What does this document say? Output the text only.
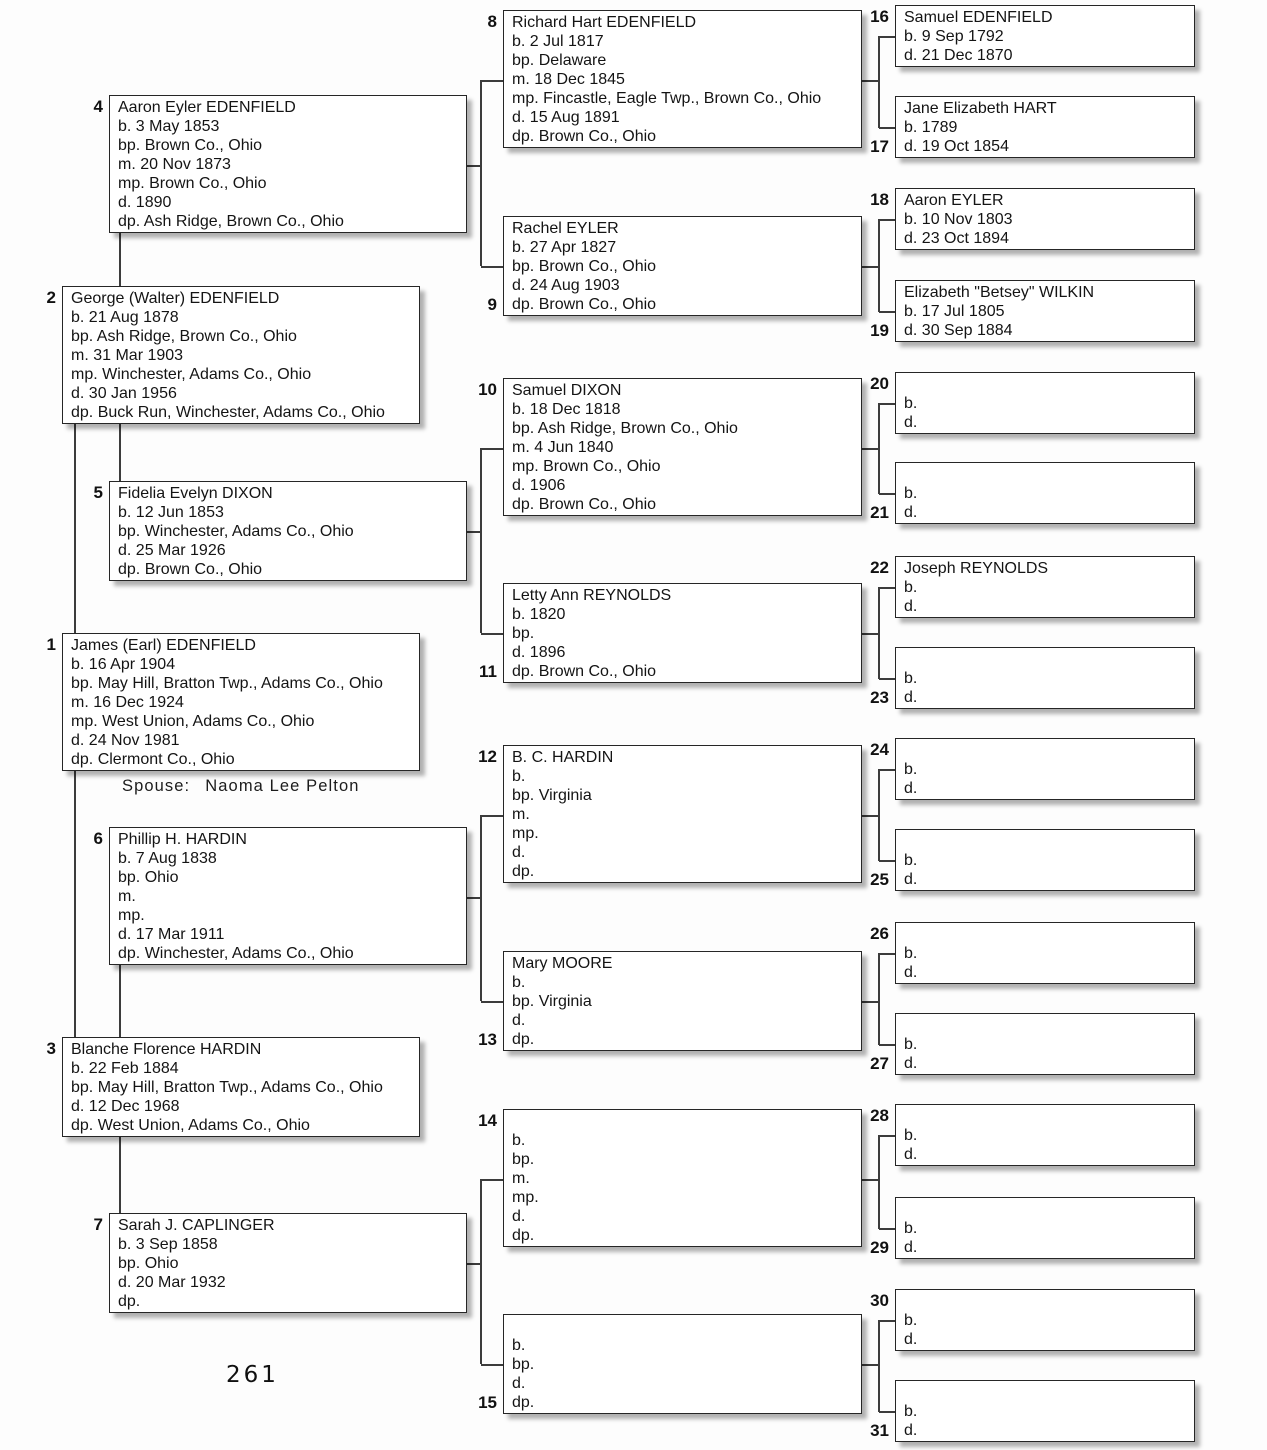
Spouse: Naoma Lee Pelton
261
James (Earl) EDENFIELD
b. 16 Apr 1904
bp. May Hill, Bratton Twp., Adams Co., Ohio
m. 16 Dec 1924
mp. West Union, Adams Co., Ohio
d. 24 Nov 1981
dp. Clermont Co., Ohio
1
George (Walter) EDENFIELD
b. 21 Aug 1878
bp. Ash Ridge, Brown Co., Ohio
m. 31 Mar 1903
mp. Winchester, Adams Co., Ohio
d. 30 Jan 1956
dp. Buck Run, Winchester, Adams Co., Ohio
2
Blanche Florence HARDIN
b. 22 Feb 1884
bp. May Hill, Bratton Twp., Adams Co., Ohio
d. 12 Dec 1968
dp. West Union, Adams Co., Ohio
3
Aaron Eyler EDENFIELD
b. 3 May 1853
bp. Brown Co., Ohio
m. 20 Nov 1873
mp. Brown Co., Ohio
d. 1890
dp. Ash Ridge, Brown Co., Ohio
4
Fidelia Evelyn DIXON
b. 12 Jun 1853
bp. Winchester, Adams Co., Ohio
d. 25 Mar 1926
dp. Brown Co., Ohio
5
Phillip H. HARDIN
b. 7 Aug 1838
bp. Ohio
m.
mp.
d. 17 Mar 1911
dp. Winchester, Adams Co., Ohio
6
Sarah J. CAPLINGER
b. 3 Sep 1858
bp. Ohio
d. 20 Mar 1932
dp.
7
Richard Hart EDENFIELD
b. 2 Jul 1817
bp. Delaware
m. 18 Dec 1845
mp. Fincastle, Eagle Twp., Brown Co., Ohio
d. 15 Aug 1891
dp. Brown Co., Ohio
8
Rachel EYLER
b. 27 Apr 1827
bp. Brown Co., Ohio
d. 24 Aug 1903
dp. Brown Co., Ohio
9
Samuel DIXON
b. 18 Dec 1818
bp. Ash Ridge, Brown Co., Ohio
m. 4 Jun 1840
mp. Brown Co., Ohio
d. 1906
dp. Brown Co., Ohio
10
Letty Ann REYNOLDS
b. 1820
bp.
d. 1896
dp. Brown Co., Ohio
11
B. C. HARDIN
b.
bp. Virginia
m.
mp.
d.
dp.
12
Mary MOORE
b.
bp. Virginia
d.
dp.
13
b.
bp.
m.
mp.
d.
dp.
14
b.
bp.
d.
dp.
15
Samuel EDENFIELD
b. 9 Sep 1792
d. 21 Dec 1870
16
Jane Elizabeth HART
b. 1789
d. 19 Oct 1854
17
Aaron EYLER
b. 10 Nov 1803
d. 23 Oct 1894
18
Elizabeth "Betsey" WILKIN
b. 17 Jul 1805
d. 30 Sep 1884
19
b.
d.
20
b.
d.
21
Joseph REYNOLDS
b.
d.
22
b.
d.
23
b.
d.
24
b.
d.
25
b.
d.
26
b.
d.
27
b.
d.
28
b.
d.
29
b.
d.
30
b.
d.
31
